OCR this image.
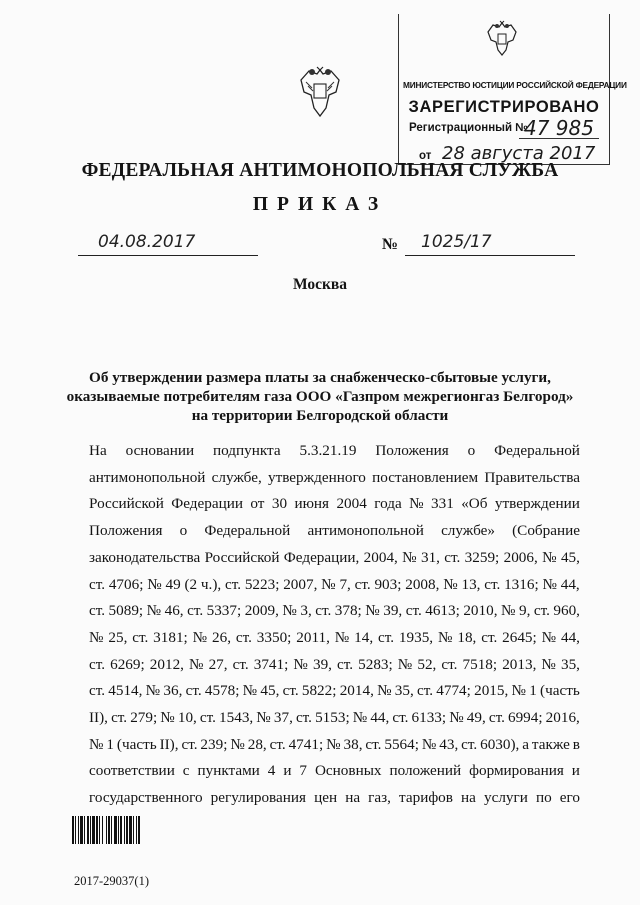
МИНИСТЕРСТВО ЮСТИЦИИ РОССИЙСКОЙ ФЕДЕРАЦИИ
ЗАРЕГИСТРИРОВАНО
Регистрационный №
47 985
от 28 августа 2017
ФЕДЕРАЛЬНАЯ АНТИМОНОПОЛЬНАЯ СЛУЖБА
ПРИКАЗ
04.08.2017	№	1025/17
Москва
Об утверждении размера платы за снабженческо-сбытовые услуги,
оказываемые потребителям газа ООО «Газпром межрегионгаз Белгород»
на территории Белгородской области
На основании подпункта 5.3.21.19 Положения о Федеральной
антимонопольной службе, утвержденного постановлением Правительства
Российской Федерации от 30 июня 2004 года № 331 «Об утверждении
Положения о Федеральной антимонопольной службе» (Собрание
законодательства Российской Федерации, 2004, № 31, ст. 3259; 2006, № 45,
ст. 4706; № 49 (2 ч.), ст. 5223; 2007, № 7, ст. 903; 2008, № 13, ст. 1316; № 44,
ст. 5089; № 46, ст. 5337; 2009, № 3, ст. 378; № 39, ст. 4613; 2010, № 9, ст. 960,
№ 25, ст. 3181; № 26, ст. 3350; 2011, № 14, ст. 1935, № 18, ст. 2645; № 44,
ст. 6269; 2012, № 27, ст. 3741; № 39, ст. 5283; № 52, ст. 7518; 2013, № 35,
ст. 4514, № 36, ст. 4578; № 45, ст. 5822; 2014, № 35, ст. 4774; 2015, № 1 (часть
II), ст. 279; № 10, ст. 1543, № 37, ст. 5153; № 44, ст. 6133; № 49, ст. 6994; 2016,
№ 1 (часть II), ст. 239; № 28, ст. 4741; № 38, ст. 5564; № 43, ст. 6030), а также в
соответствии с пунктами 4 и 7 Основных положений формирования и
государственного регулирования цен на газ, тарифов на услуги по его
2017-29037(1)
